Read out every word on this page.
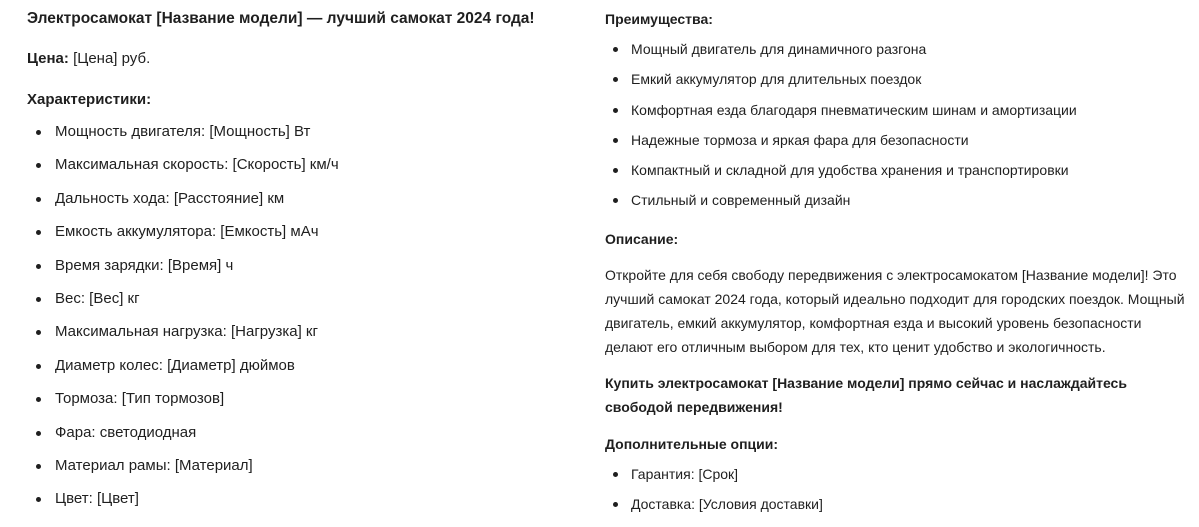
Электросамокат [Название модели] — лучший самокат 2024 года!

Цена: [Цена] руб.

Характеристики:

Мощность двигателя: [Мощность] Вт
Максимальная скорость: [Скорость] км/ч
Дальность хода: [Расстояние] км
Емкость аккумулятора: [Емкость] мАч
Время зарядки: [Время] ч
Вес: [Вес] кг
Максимальная нагрузка: [Нагрузка] кг
Диаметр колес: [Диаметр] дюймов
Тормоза: [Тип тормозов]
Фара: светодиодная
Материал рамы: [Материал]
Цвет: [Цвет]

Преимущества:

Мощный двигатель для динамичного разгона
Емкий аккумулятор для длительных поездок
Комфортная езда благодаря пневматическим шинам и амортизации
Надежные тормоза и яркая фара для безопасности
Компактный и складной для удобства хранения и транспортировки
Стильный и современный дизайн

Описание:

Откройте для себя свободу передвижения с электросамокатом [Название модели]! Это лучший самокат 2024 года, который идеально подходит для городских поездок. Мощный двигатель, емкий аккумулятор, комфортная езда и высокий уровень безопасности делают его отличным выбором для тех, кто ценит удобство и экологичность.

Купить электросамокат [Название модели] прямо сейчас и наслаждайтесь свободой передвижения!

Дополнительные опции:

Гарантия: [Срок]
Доставка: [Условия доставки]
